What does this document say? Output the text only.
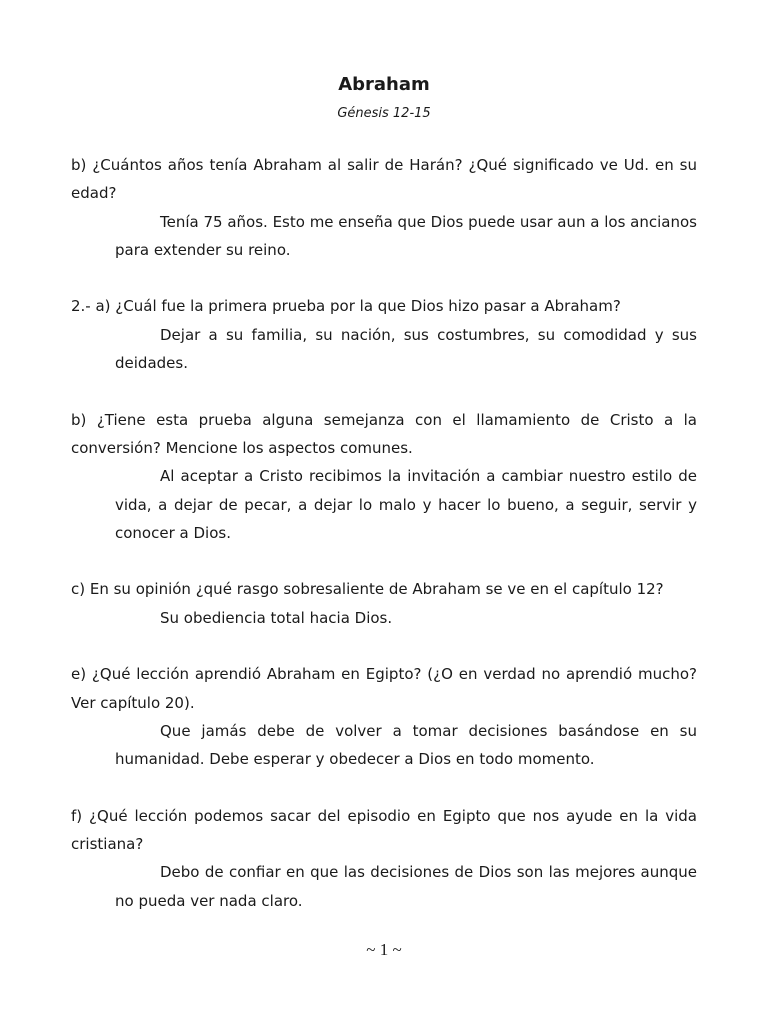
Abraham
Génesis 12-15

b) ¿Cuántos años tenía Abraham al salir de Harán? ¿Qué significado ve Ud. en su edad?

Tenía 75 años. Esto me enseña que Dios puede usar aun a los ancianos para extender su reino.

2.- a) ¿Cuál fue la primera prueba por la que Dios hizo pasar a Abraham?

Dejar a su familia, su nación, sus costumbres, su comodidad y sus deidades.

b) ¿Tiene esta prueba alguna semejanza con el llamamiento de Cristo a la conversión? Mencione los aspectos comunes.

Al aceptar a Cristo recibimos la invitación a cambiar nuestro estilo de vida, a dejar de pecar, a dejar lo malo y hacer lo bueno, a seguir, servir y conocer a Dios.

c) En su opinión ¿qué rasgo sobresaliente de Abraham se ve en el capítulo 12?

Su obediencia total hacia Dios.

e) ¿Qué lección aprendió Abraham en Egipto? (¿O en verdad no aprendió mucho? Ver capítulo 20).

Que jamás debe de volver a tomar decisiones basándose en su humanidad. Debe esperar y obedecer a Dios en todo momento.

f) ¿Qué lección podemos sacar del episodio en Egipto que nos ayude en la vida cristiana?

Debo de confiar en que las decisiones de Dios son las mejores aunque no pueda ver nada claro.

~ 1 ~
